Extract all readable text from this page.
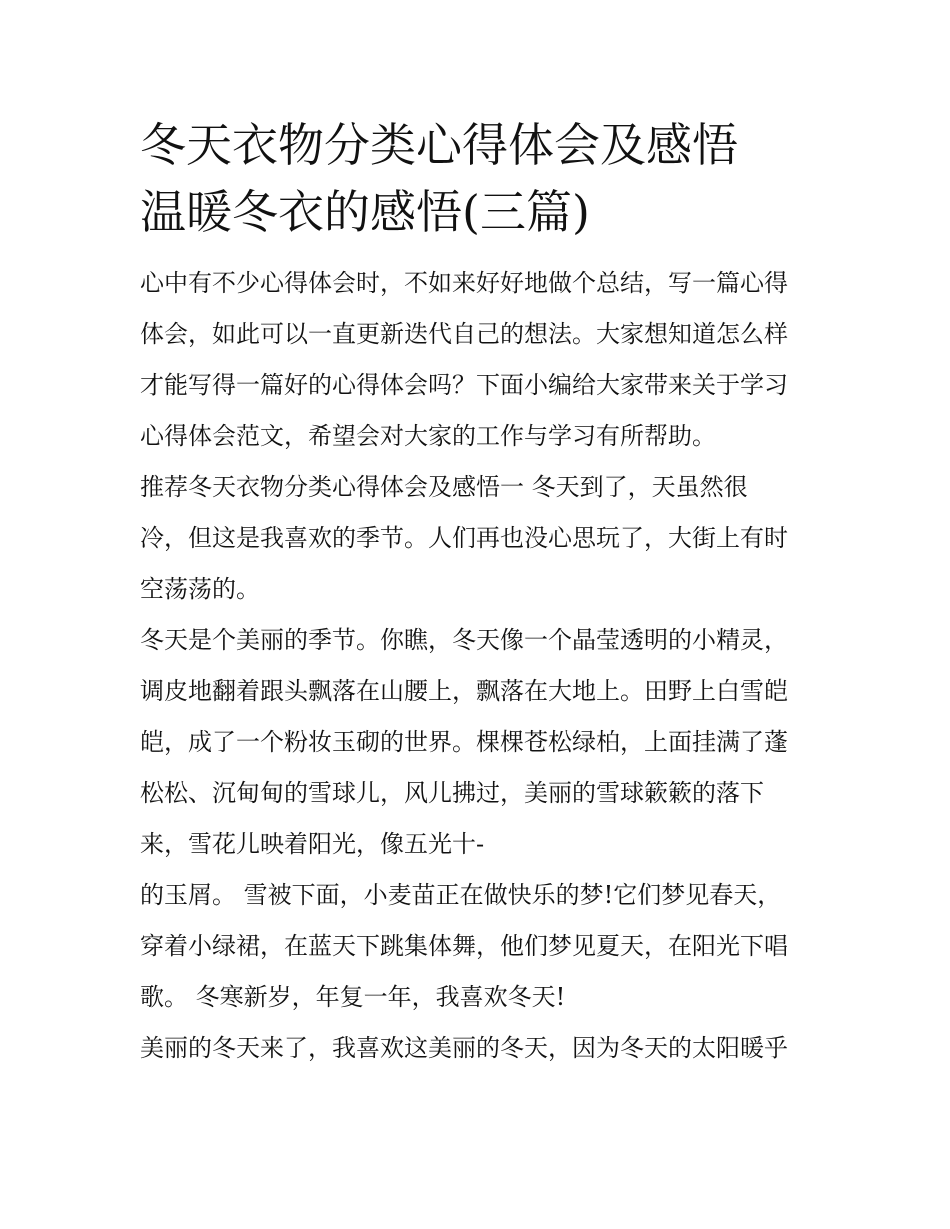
冬天衣物分类心得体会及感悟
温暖冬衣的感悟(三篇)
心中有不少心得体会时，不如来好好地做个总结，写一篇心得
体会，如此可以一直更新迭代自己的想法。大家想知道怎么样
才能写得一篇好的心得体会吗？下面小编给大家带来关于学习
心得体会范文，希望会对大家的工作与学习有所帮助。
推荐冬天衣物分类心得体会及感悟一 冬天到了，天虽然很
冷，但这是我喜欢的季节。人们再也没心思玩了，大街上有时
空荡荡的。
冬天是个美丽的季节。你瞧，冬天像一个晶莹透明的小精灵，
调皮地翻着跟头飘落在山腰上，飘落在大地上。田野上白雪皑
皑，成了一个粉妆玉砌的世界。棵棵苍松绿柏，上面挂满了蓬
松松、沉甸甸的雪球儿，风儿拂过，美丽的雪球簌簌的落下
来，雪花儿映着阳光，像五光十-
的玉屑。 雪被下面，小麦苗正在做快乐的梦!它们梦见春天，
穿着小绿裙，在蓝天下跳集体舞，他们梦见夏天，在阳光下唱
歌。 冬寒新岁，年复一年，我喜欢冬天!
美丽的冬天来了，我喜欢这美丽的冬天，因为冬天的太阳暖乎
